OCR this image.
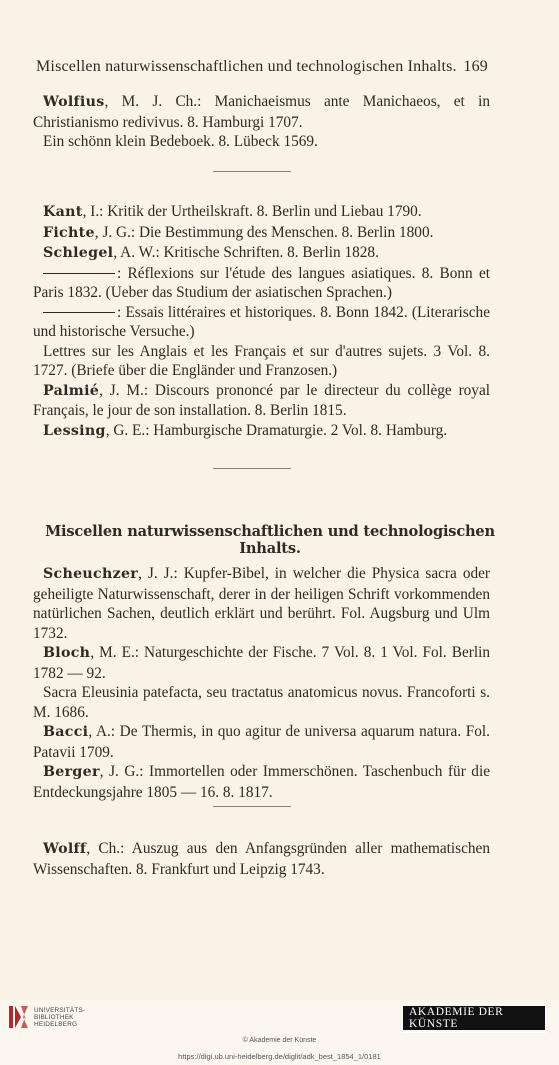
Miscellen naturwissenschaftlichen und technologischen Inhalts. 169

Wolfius, M. J. Ch.: Manichaeismus ante Manichaeos, et in Christianismo redivivus. 8. Hamburgi 1707.

Ein schönn klein Bedeboek. 8. Lübeck 1569.

Kant, I.: Kritik der Urtheilskraft. 8. Berlin und Liebau 1790.

Fichte, J. G.: Die Bestimmung des Menschen. 8. Berlin 1800.

Schlegel, A. W.: Kritische Schriften. 8. Berlin 1828.

: Réflexions sur l'étude des langues asiatiques. 8. Bonn et Paris 1832. (Ueber das Studium der asiatischen Sprachen.)

: Essais littéraires et historiques. 8. Bonn 1842. (Literarische und historische Versuche.)

Lettres sur les Anglais et les Français et sur d'autres sujets. 3 Vol. 8. 1727. (Briefe über die Engländer und Franzosen.)

Palmié, J. M.: Discours prononcé par le directeur du collège royal Français, le jour de son installation. 8. Berlin 1815.

Lessing, G. E.: Hamburgische Dramaturgie. 2 Vol. 8. Hamburg.

Miscellen naturwissenschaftlichen und technologischen Inhalts.

Scheuchzer, J. J.: Kupfer-Bibel, in welcher die Physica sacra oder geheiligte Naturwissenschaft, derer in der heiligen Schrift vorkommenden natürlichen Sachen, deutlich erklärt und berührt. Fol. Augsburg und Ulm 1732.

Bloch, M. E.: Naturgeschichte der Fische. 7 Vol. 8. 1 Vol. Fol. Berlin 1782 — 92.

Sacra Eleusinia patefacta, seu tractatus anatomicus novus. Francoforti s. M. 1686.

Bacci, A.: De Thermis, in quo agitur de universa aquarum natura. Fol. Patavii 1709.

Berger, J. G.: Immortellen oder Immerschönen. Taschenbuch für die Entdeckungsjahre 1805 — 16. 8. 1817.

Wolff, Ch.: Auszug aus den Anfangsgründen aller mathematischen Wissenschaften. 8. Frankfurt und Leipzig 1743.

UNIVERSITÄTS-
BIBLIOTHEK
HEIDELBERG
AKADEMIE DER KÜNSTE
© Akademie der Künste
https://digi.ub.uni-heidelberg.de/diglit/adk_best_1854_1/0181
